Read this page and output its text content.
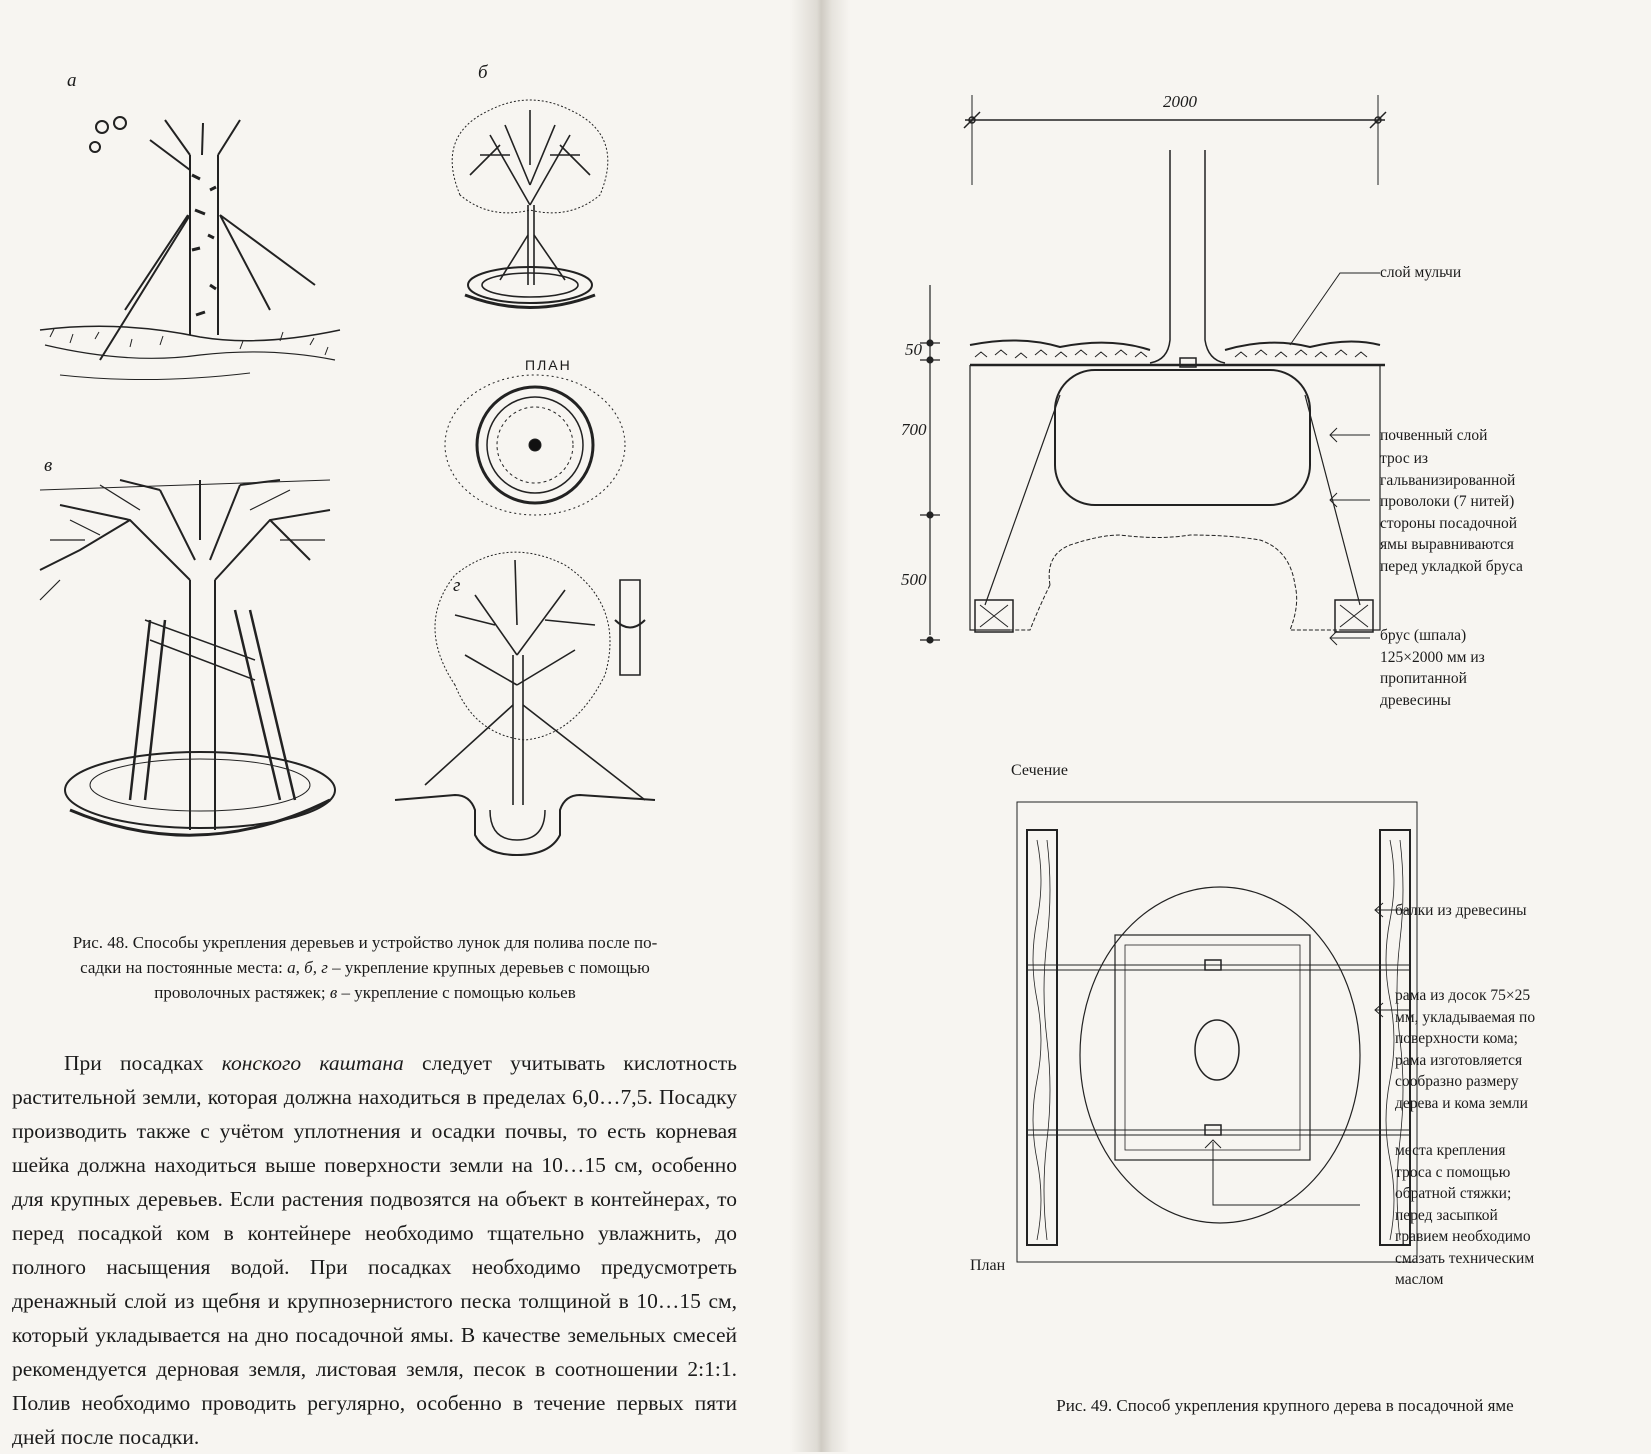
а	б
в
г
ПЛАН
Рис. 48. Способы укрепления деревьев и устройство лунок для полива после по-
садки на постоянные места: а, б, г – укрепление крупных деревьев с помощью
проволочных растяжек; в – укрепление с помощью кольев

При посадках конского каштана следует учитывать кислотность растительной земли, которая должна находиться в пределах 6,0…7,5. Посадку производить также с учётом уплотнения и осадки почвы, то есть корневая шейка должна находиться выше поверхности земли на 10…15 см, особенно для крупных деревьев. Если растения подвозятся на объект в контейнерах, то перед посадкой ком в контейнере необходимо тщательно увлажнить, до полного насыщения водой. При посадках необходимо предусмотреть дренажный слой из щебня и крупнозернистого песка толщиной в 10…15 см, который укладывается на дно посадочной ямы. В качестве земельных смесей рекомендуется дерновая земля, листовая земля, песок в соотношении 2:1:1. Полив необходимо проводить регулярно, особенно в течение первых пяти дней после посадки.

2000
50
700
500
слой мульчи
почвенный слой
трос из
гальванизированной
проволоки (7 нитей)
стороны посадочной
ямы выравниваются
перед укладкой бруса
брус (шпала)
125×2000 мм из
пропитанной
древесины
Сечение
балки из древесины
рама из досок 75×25
мм, укладываемая по
поверхности кома;
рама изготовляется
сообразно размеру
дерева и кома земли
места крепления
троса с помощью
обратной стяжки;
перед засыпкой
гравием необходимо
смазать техническим
маслом
План
Рис. 49. Способ укрепления крупного дерева в посадочной яме
